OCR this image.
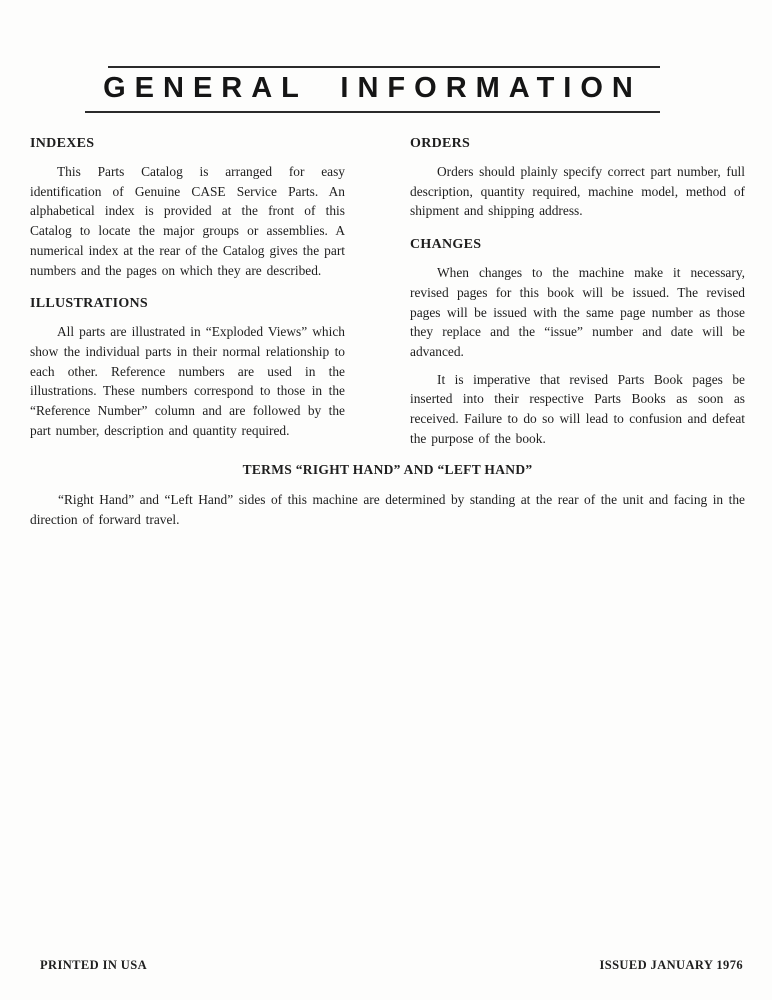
GENERAL INFORMATION
INDEXES

This Parts Catalog is arranged for easy identification of Genuine CASE Service Parts. An alphabetical index is provided at the front of this Catalog to locate the major groups or assemblies. A numerical index at the rear of the Catalog gives the part numbers and the pages on which they are described.

ILLUSTRATIONS

All parts are illustrated in “Exploded Views” which show the individual parts in their normal relationship to each other. Reference numbers are used in the illustrations. These numbers correspond to those in the “Reference Number” column and are followed by the part number, description and quantity required.

ORDERS

Orders should plainly specify correct part number, full description, quantity required, machine model, method of shipment and shipping address.

CHANGES

When changes to the machine make it necessary, revised pages for this book will be issued. The revised pages will be issued with the same page number as those they replace and the “issue” number and date will be advanced.

It is imperative that revised Parts Book pages be inserted into their respective Parts Books as soon as received. Failure to do so will lead to confusion and defeat the purpose of the book.

TERMS “RIGHT HAND” AND “LEFT HAND”

“Right Hand” and “Left Hand” sides of this machine are determined by standing at the rear of the unit and facing in the direction of forward travel.

PRINTED IN USA	ISSUED JANUARY 1976
